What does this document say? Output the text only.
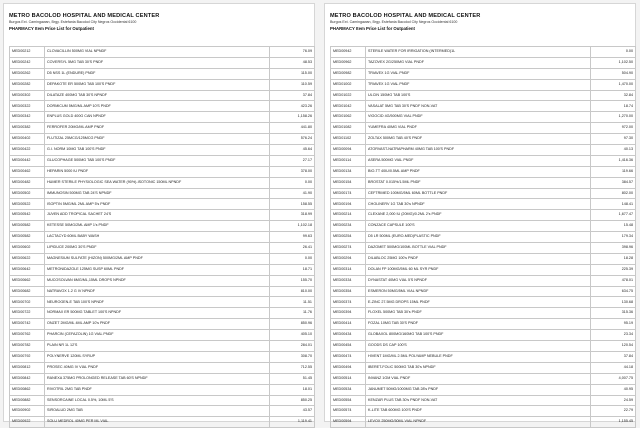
METRO BACOLOD HOSPITAL AND MEDICAL CENTER
Burgos Ext. Camingawan, Brgy. Estefania Bacolod City Negros Occidental 6100
PHARMACY Item Price List for Outpatient
MED00212	CLOVACILLIN 500MG VIAL NPNDF	76.09
MED00242	COVERSYL 5MG TAB 30'S PNDF	48.53
MED00262	D5 NSS 1L (ENDURE) PNDF	115.00
MED00282	DEPAKOTE ER 500MG TAB 100'S PNDF	110.59
MED00302	DILATAZE 400MG TAB 30'S NPNDF	37.84
MED00322	DORMICUM 5MG/ML AMP 10'S PNDF	423.26
MED00342	ENPLUS GOLD 400G CAN NPNDF	1,158.26
MED00382	FERROFER 20MG/ML AMP PNDF	441.80
MED00402	FLUTIZAL 25MCG/125MCG PNDF	576.24
MED00422	G.I. NORM 10MG TAB 100'S PNDF	45.64
MED00442	GLUCOPHAGE 500MG TAB 100'S PNDF	27.17
MED00462	HEPARIN 5000 IU PNDF	378.00
MED00482	HUMER STERILE PHYSIOLOGIC SEA WATER (90%)-ISOTONIC 150ML NPNDF	0.00
MED00502	IMMUNOSIN 500MG TAB 24'S NPNDF	41.90
MED00522	ISOPTIN 5MG/ML 2ML AMP 5's PNDF	158.55
MED00542	JUVEN ADD TROPICAL SACHET 24'S	318.99
MED00582	KETESSE 50MG/2ML AMP 1's PNDF	1,102.18
MED00582	LACTACYD 60ML BABY WASH	99.63
MED00602	LIPIDUCE 200MG 30'S PNDF	26.41
MED00622	MAGNESIUM SULFATE (HIZON) 500MG/2ML AMP PNDF	0.00
MED00642	METRONIDAZOLE 125MG SUSP 60ML PNDF	18.71
MED00662	MUCOSOLVAN 6MG/ML,15ML DROPS NPNDF	155.70
MED00682	NATRAVOX 1.2 G IV NPNDF	810.00
MED00702	NEUROGEN-E TAB 100'S NPNDF	11.51
MED00722	NORMAX ER 500MG TABLET 100'S NPNDF	11.76
MED00742	ONZET 2MG/ML 4ML AMP 10's PNDF	850.96
MED00762	PHARCIN (CEFAZOLIN) 1G VIAL PNDF	405.10
MED00782	PLAIN NR 1L 12'S	284.01
MED00792	POLYNERVE 120ML SYRUP	308.70
MED00812	PROSEC 40MG IV VIAL PNDF	712.55
MED00842	RANEXA 375MG PROLONGED RELEASE TAB 60'S NPNDF	51.45
MED00862	RIVOTRIL 2MG TAB PNDF	18.01
MED00882	SENSORCAINE LOCAL 0.5%, 10ML 5'S	850.25
MED00902	SIROALUD 2MG TAB	43.57
MED00922	SOLU MEDROL 40MG PER ML VIAL	1,119.41
METRO BACOLOD HOSPITAL AND MEDICAL CENTER
Burgos Ext. Camingawan, Brgy. Estefania Bacolod City Negros Occidental 6100
PHARMACY Item Price List for Outpatient
MED00942	STERILE WATER FOR IRRIGATION (INTERMED)1L	0.00
MED00962	TAZOVEX 2G/250MG VIAL PNDF	1,102.50
MED00982	TRIAVEX 1G VIAL PNDF	504.90
MED01002	TRIAVEX 1G VIAL PNDF	1,470.00
MED01022	ULCIN 150MG TAB 100'S	32.84
MED01042	VASALAT 5MG TAB 30'S PNDF NON-VAT	18.74
MED01062	VIGOCID 4G/500MG VIAL PNDF	1,270.00
MED01082	YUMEFRA 40MG VIAL PNDF	972.00
MED01102	ZOLTAX 500MG TAB 40'S PNDF	97.30
MED00094	ATORVAST-NATRAPHARM 40MG TAB 100'S PNDF	40.13
MED00114	ASERA 500MG VIAL PNDF	1,416.36
MED00134	BIO-TT 40IU/0.5ML AMP PNDF	119.66
MED00154	BROSTAT 0.015%/1.5ML PNDF	384.57
MED00174	CEFTRIMED 100MG/5ML 60ML BOTTLE PNDF	802.00
MED00194	CHOLINERV 1G TAB 30's NPNDF	148.41
MED00214	CLEXANE 2,000 IU (20MG)/0.2ML 2's PNDF	1,677.47
MED00234	CONZACE CAPSULE 100'S	15.48
MED00254	D5 LR 500ML (EURO-MED)PLASTIC PNDF	179.34
MED00274	DAZOMET 500MG/100ML BOTTLE VIAL PNDF	398.96
MED00294	DILABLOC 25MG 100's PNDF	18.28
MED00314	DOLAN FP 100MG/5ML 60 ML SYR PNDF	225.39
MED00334	DYNASTAT 40MG VIAL 5'S NPNDF	478.01
MED00354	ESMERON 50MG/5ML VIAL NPNDF	634.75
MED00374	E-ZINC 27.5MG DROPS 15ML PNDF	130.68
MED00394	FLOXEL 500MG TAB 30's PNDF	315.36
MED00414	FOZAL 10MG TAB 30'S PNDF	95.19
MED00434	GLOBAXOL 800MG/160MG TAB 100'S PNDF	23.34
MED00454	GOODS DS CAP 100'S	120.54
MED00474	HIVENT 1MG/ML 2.5ML POLYAMP NEBULE PNDF	37.84
MED00494	IBERET-FOLIC 500MG TAB 30's NPNDF	44.18
MED00514	INVANZ 1GM VIAL PNDF	4,007.75
MED00534	JANUMET 50MG/1000MG TAB 28's PNDF	40.95
MED00554	KENZAR PLUS TAB 30's PNDF NON-VAT	24.59
MED00574	K-LITE TAB 600MG 100'S PNDF	22.79
MED00594	LEVOX 250MG/50ML VIAL NPNDF	1,155.45
